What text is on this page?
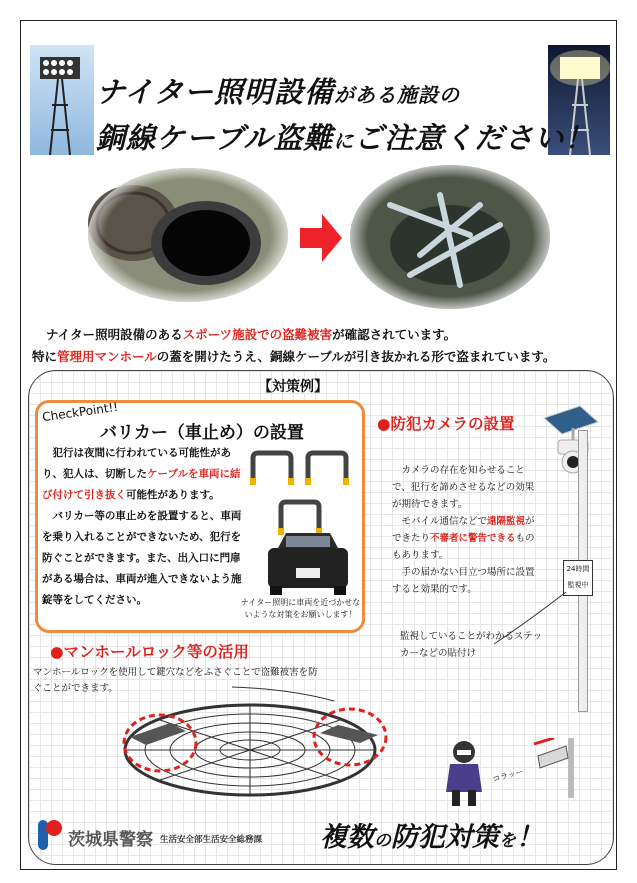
ナイター照明設備がある施設の
銅線ケーブル盗難にご注意ください！
ナイター照明設備のあるスポーツ施設での盗難被害が確認されています。
特に管理用マンホールの蓋を開けたうえ、銅線ケーブルが引き抜かれる形で盗まれています。
【対策例】
CheckPoint!!
バリカー（車止め）の設置
犯行は夜間に行われている可能性があり、犯人は、切断したケーブルを車両に結び付けて引き抜く可能性があります。
バリカー等の車止めを設置すると、車両を乗り入れることができないため、犯行を防ぐことができます。また、出入口に門扉がある場合は、車両が進入できないよう施錠等をしてください。	ナイター照明に車両を近づかせないような対策をお願いします！
●防犯カメラの設置
カメラの存在を知らせることで、犯行を諦めさせるなどの効果が期待できます。
モバイル通信などで遠隔監視ができたり不審者に警告できるものもあります。
手の届かない目立つ場所に設置すると効果的です。
24時間
監視中
監視していることがわかるステッカーなどの貼付け
●マンホールロック等の活用
マンホールロックを使用して鍵穴などをふさぐことで盗難被害を防ぐことができます。
コラッー
茨城県警察 生活安全部生活安全総務課 複数の防犯対策を！
